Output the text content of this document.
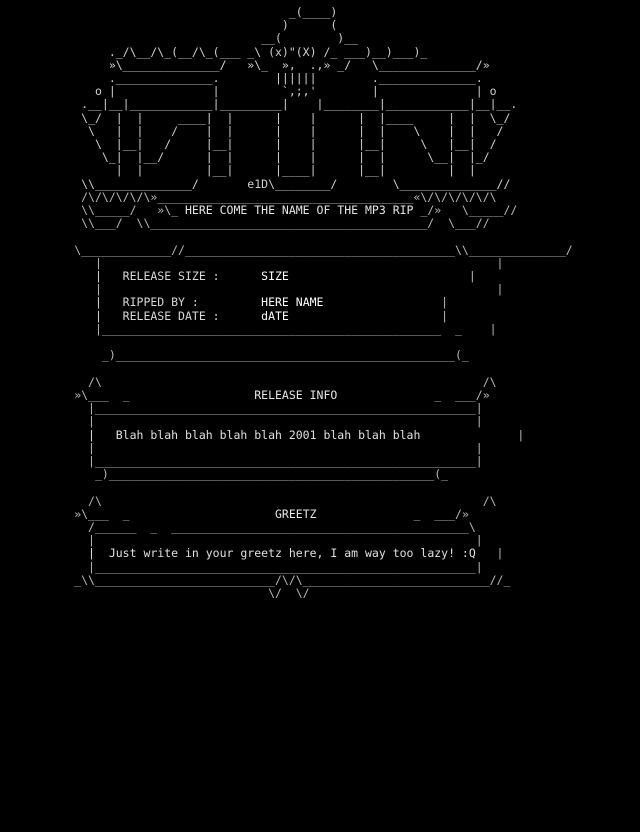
_(____)
)      (
__(        )__
._/\__/\_(__/\_(___ _\ (x)"(X) /_ ___)__)___)_
»\______________/   »\_  »,  .,» _/   \______________/»
.______________.        ||||||        .______________.
o |              |         `,;,'        |              | o
.__|__|____________|_________|    |________|____________|__|__.
\_/  |  |     ____|  |      |    |      |  |____     |  |  \_/
\   |  |    /    |  |      |    |      |  |    \    |  |   /
\  |__|   /     |__|      |    |      |__|     \   |__|  /
\_|  |__/      |  |      |    |      |  |      \__|  |_/
|  |         |__|      |____|      |__|         |  |
\\______________/       e1D\________/        \______________//
/\/\/\/\/\»_____________________________________«\/\/\/\/\/\
\\_____/   »\_ HERE COME THE NAME OF THE MP3 RIP _/»   \_____//
\\___/  \\________________________________________/  \___//

\_____________//_______________________________________\\______________/
|                                                         |
|   RELEASE SIZE :	SIZE                          |
|                                                         |
|   RIPPED BY :	HERE NAME                 |
|   RELEASE DATE :	dATE                      |
|_________________________________________________  _    |

_)_________________________________________________(_

/\                                                       /\
»\___  _                  RELEASE INFO              _  ___/»
|_______________________________________________________|
|                                                       |
|   Blah blah blah blah blah 2001 blah blah blah              |
|                                                       |
|_______________________________________________________|
_)_______________________________________________(_

/\                                                       /\
»\___  _                     GREETZ              _  ___/»
/______  _  ___________________________________________\
|                                                       |
|  Just write in your greetz here, I am way too lazy! :Q   |
|_______________________________________________________|
_\\__________________________/\/\___________________________//_
\/  \/
